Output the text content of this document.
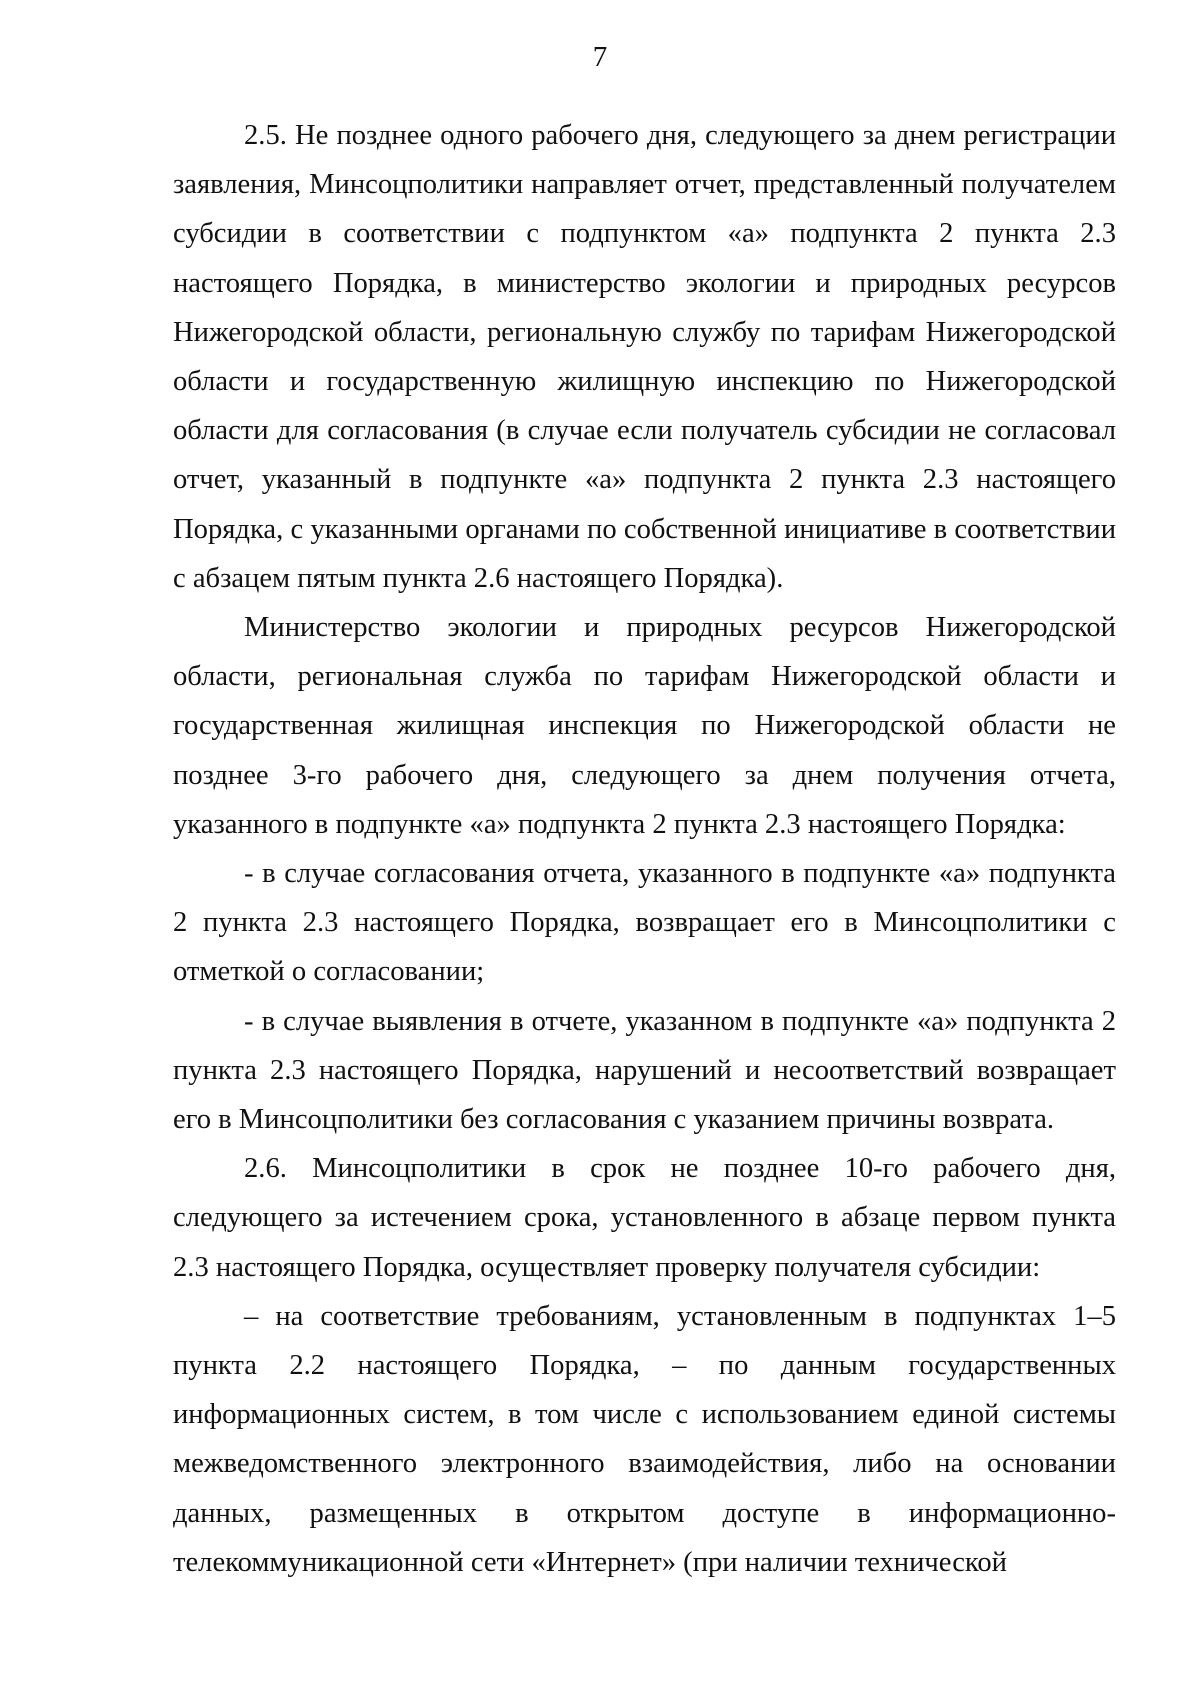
7

2.5. Не позднее одного рабочего дня, следующего за днем регистрации заявления, Минсоцполитики направляет отчет, представленный получателем субсидии в соответствии с подпунктом «а» подпункта 2 пункта 2.3 настоящего Порядка, в министерство экологии и природных ресурсов Нижегородской области, региональную службу по тарифам Нижегородской области и государственную жилищную инспекцию по Нижегородской области для согласования (в случае если получатель субсидии не согласовал отчет, указанный в подпункте «а» подпункта 2 пункта 2.3 настоящего Порядка, с указанными органами по собственной инициативе в соответствии с абзацем пятым пункта 2.6 настоящего Порядка).

Министерство экологии и природных ресурсов Нижегородской области, региональная служба по тарифам Нижегородской области и государственная жилищная инспекция по Нижегородской области не позднее 3-го рабочего дня, следующего за днем получения отчета, указанного в подпункте «а» подпункта 2 пункта 2.3 настоящего Порядка:

- в случае согласования отчета, указанного в подпункте «а» подпункта 2 пункта 2.3 настоящего Порядка, возвращает его в Минсоцполитики с отметкой о согласовании;

- в случае выявления в отчете, указанном в подпункте «а» подпункта 2 пункта 2.3 настоящего Порядка, нарушений и несоответствий возвращает его в Минсоцполитики без согласования с указанием причины возврата.

2.6. Минсоцполитики в срок не позднее 10-го рабочего дня, следующего за истечением срока, установленного в абзаце первом пункта 2.3 настоящего Порядка, осуществляет проверку получателя субсидии:

– на соответствие требованиям, установленным в подпунктах 1–5 пункта 2.2 настоящего Порядка, – по данным государственных информационных систем, в том числе с использованием единой системы межведомственного электронного взаимодействия, либо на основании данных, размещенных в открытом доступе в информационно-телекоммуникационной сети «Интернет» (при наличии технической
